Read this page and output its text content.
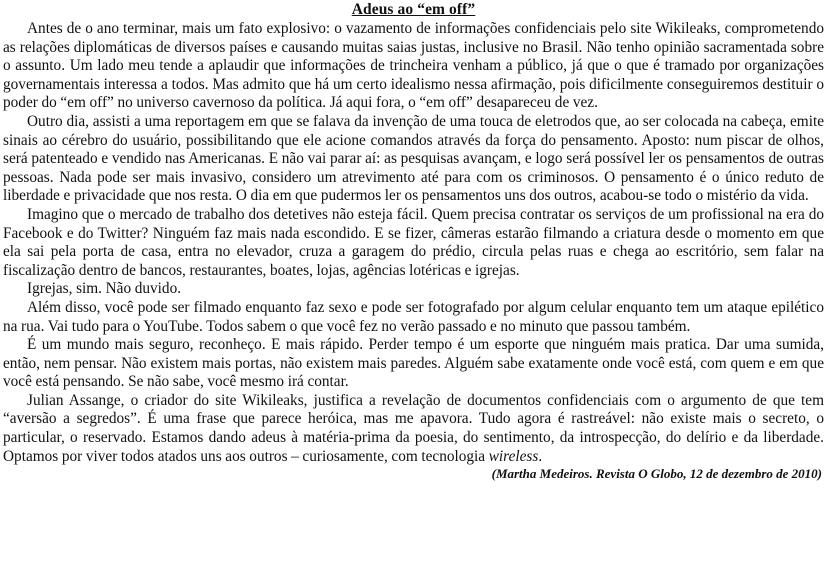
Adeus ao “em off”

Antes de o ano terminar, mais um fato explosivo: o vazamento de informações confidenciais pelo site Wikileaks, comprometendo as relações diplomáticas de diversos países e causando muitas saias justas, inclusive no Brasil. Não tenho opinião sacramentada sobre o assunto. Um lado meu tende a aplaudir que informações de trincheira venham a público, já que o que é tramado por organizações governamentais interessa a todos. Mas admito que há um certo idealismo nessa afirmação, pois dificilmente conseguiremos destituir o poder do “em off” no universo cavernoso da política. Já aqui fora, o “em off” desapareceu de vez.

Outro dia, assisti a uma reportagem em que se falava da invenção de uma touca de eletrodos que, ao ser colocada na cabeça, emite sinais ao cérebro do usuário, possibilitando que ele acione comandos através da força do pensamento. Aposto: num piscar de olhos, será patenteado e vendido nas Americanas. E não vai parar aí: as pesquisas avançam, e logo será possível ler os pensamentos de outras pessoas. Nada pode ser mais invasivo, considero um atrevimento até para com os criminosos. O pensamento é o único reduto de liberdade e privacidade que nos resta. O dia em que pudermos ler os pensamentos uns dos outros, acabou-se todo o mistério da vida.

Imagino que o mercado de trabalho dos detetives não esteja fácil. Quem precisa contratar os serviços de um profissional na era do Facebook e do Twitter? Ninguém faz mais nada escondido. E se fizer, câmeras estarão filmando a criatura desde o momento em que ela sai pela porta de casa, entra no elevador, cruza a garagem do prédio, circula pelas ruas e chega ao escritório, sem falar na fiscalização dentro de bancos, restaurantes, boates, lojas, agências lotéricas e igrejas.

Igrejas, sim. Não duvido.

Além disso, você pode ser filmado enquanto faz sexo e pode ser fotografado por algum celular enquanto tem um ataque epilético na rua. Vai tudo para o YouTube. Todos sabem o que você fez no verão passado e no minuto que passou também.

É um mundo mais seguro, reconheço. E mais rápido. Perder tempo é um esporte que ninguém mais pratica. Dar uma sumida, então, nem pensar. Não existem mais portas, não existem mais paredes. Alguém sabe exatamente onde você está, com quem e em que você está pensando. Se não sabe, você mesmo irá contar.

Julian Assange, o criador do site Wikileaks, justifica a revelação de documentos confidenciais com o argumento de que tem “aversão a segredos”. É uma frase que parece heróica, mas me apavora. Tudo agora é rastreável: não existe mais o secreto, o particular, o reservado. Estamos dando adeus à matéria-prima da poesia, do sentimento, da introspecção, do delírio e da liberdade. Optamos por viver todos atados uns aos outros – curiosamente, com tecnologia wireless.

(Martha Medeiros. Revista O Globo, 12 de dezembro de 2010)
